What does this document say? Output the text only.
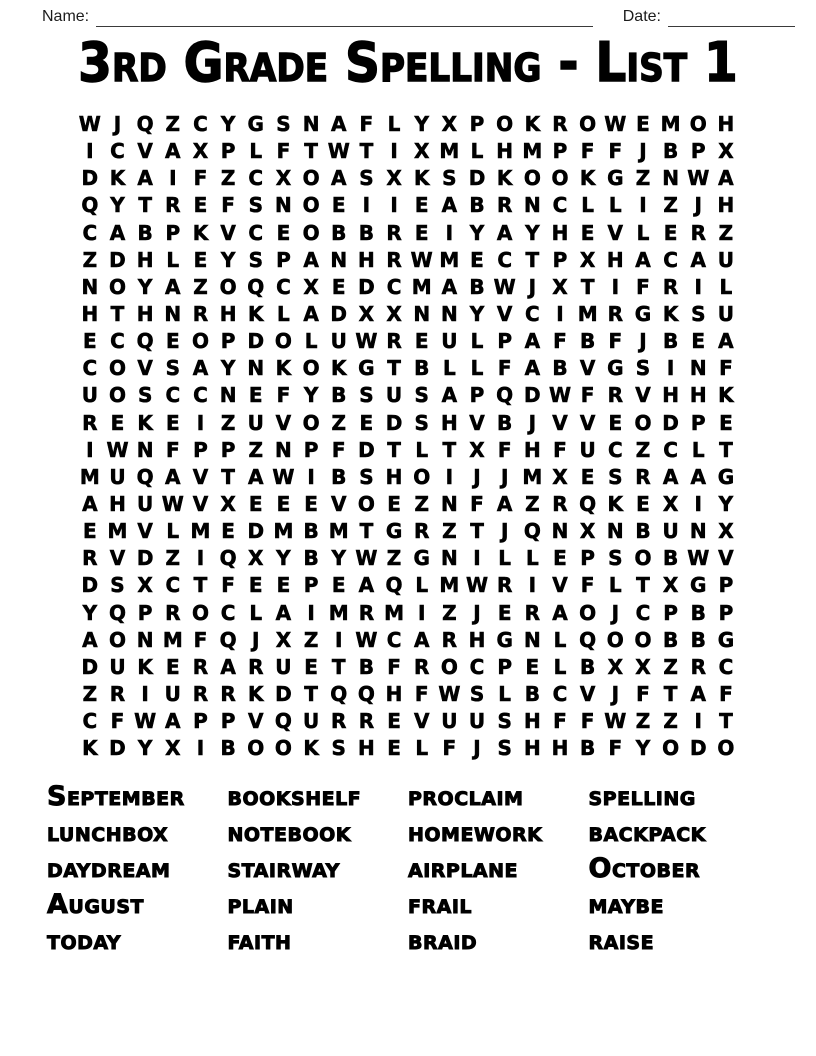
Name:	Date:
3rd Grade Spelling - List 1
W J Q Z C Y G S N A F L Y X P O K R O W E M O H
I C V A X P L F T W T I X M L H M P F F J B P X
D K A I F Z C X O A S X K S D K O O K G Z N W A
Q Y T R E F S N O E I	I E A B R N C L L I Z J H
C A B P K V C E O B B R E I Y A Y H E V L E R Z
Z D H L E Y S P A N H R W M E C T P X H A C A U
N O Y A Z O Q C X E D C M A B W J X T I F R I L
H T H N R H K L A D X X N N Y V C I M R G K S U
E C Q E O P D O L U W R E U L P A F B F J B E A
C O V S A Y N K O K G T B L L F A B V G S I N F
U O S C C N E F Y B S U S A P Q D W F R V H H K
R E K E I Z U V O Z E D S H V B J V V E O D P E
I W N F P P Z N P F D T L T X F H F U C Z C L T
M U Q A V T A W I B S H O I	J	J M X E S R A A G
A H U W V X E E E V O E Z N F A Z R Q K E X I Y
E M V L M E D M B M T G R Z T J Q N X N B U N X
R V D Z I Q X Y B Y W Z G N I L L E P S O B W V
D S X C T F E E P E A Q L M W R I V F L T X G P
Y Q P R O C L A I M R M I Z J E R A O J C P B P
A O N M F Q J X Z I W C A R H G N L Q O O B B G
D U K E R A R U E T B F R O C P E L B X X Z R C
Z R I U R R K D T Q Q H F W S L B C V J F T A F
C F W A P P V Q U R R E V U U S H F F W Z Z I T
K D Y X I B O O K S H E L F J S H H B F Y O D O
September
lunchbox
daydream
August
today
bookshelf
notebook
stairway
plain
faith
proclaim
homework
airplane
frail
braid
spelling
backpack
October
maybe
raise
